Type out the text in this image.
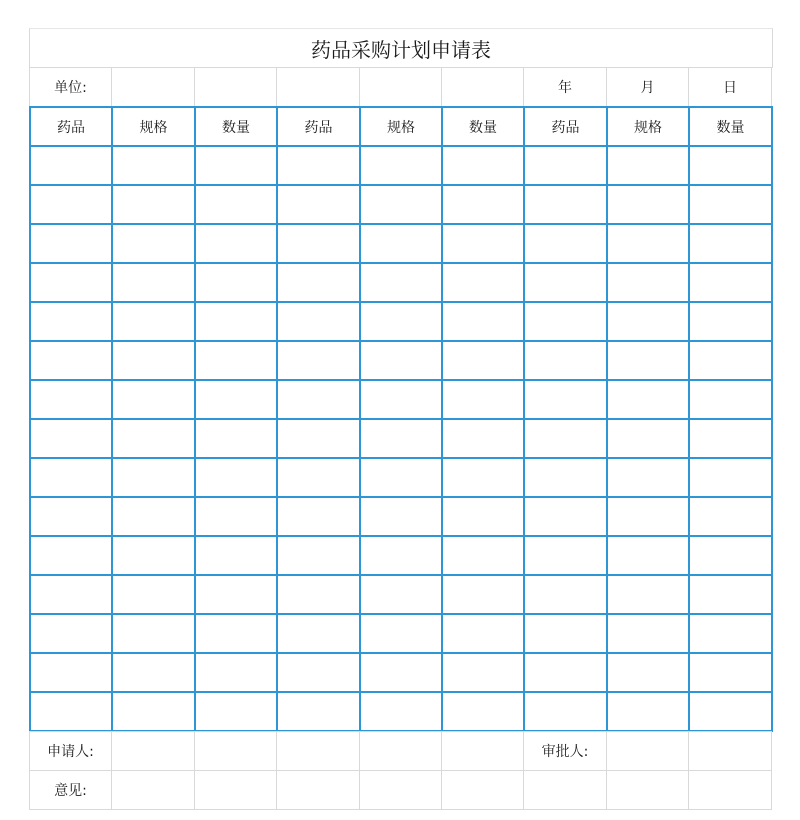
药品采购计划申请表
单位:						年	月	日
药品	规格	数量	药品	规格	数量	药品	规格	数量

申请人:						审批人:		
意见:								
